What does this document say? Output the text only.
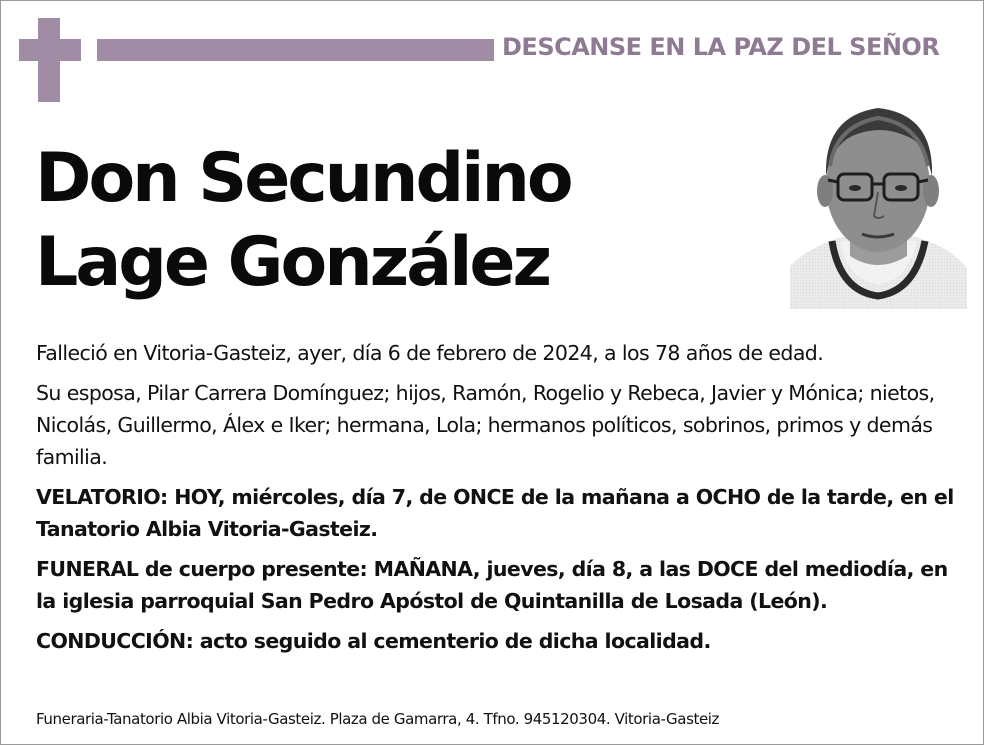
DESCANSE EN LA PAZ DEL SEÑOR
Don Secundino
Lage González

Falleció en Vitoria-Gasteiz, ayer, día 6 de febrero de 2024, a los 78 años de edad.

Su esposa, Pilar Carrera Domínguez; hijos, Ramón, Rogelio y Rebeca, Javier y Mónica; nietos, Nicolás, Guillermo, Álex e Iker; hermana, Lola; hermanos políticos, sobrinos, primos y demás familia.

VELATORIO: HOY, miércoles, día 7, de ONCE de la mañana a OCHO de la tarde, en el Tanatorio Albia Vitoria-Gasteiz.

FUNERAL de cuerpo presente: MAÑANA, jueves, día 8, a las DOCE del mediodía, en la iglesia parroquial San Pedro Apóstol de Quintanilla de Losada (León).

CONDUCCIÓN: acto seguido al cementerio de dicha localidad.

Funeraria-Tanatorio Albia Vitoria-Gasteiz. Plaza de Gamarra, 4. Tfno. 945120304. Vitoria-Gasteiz
